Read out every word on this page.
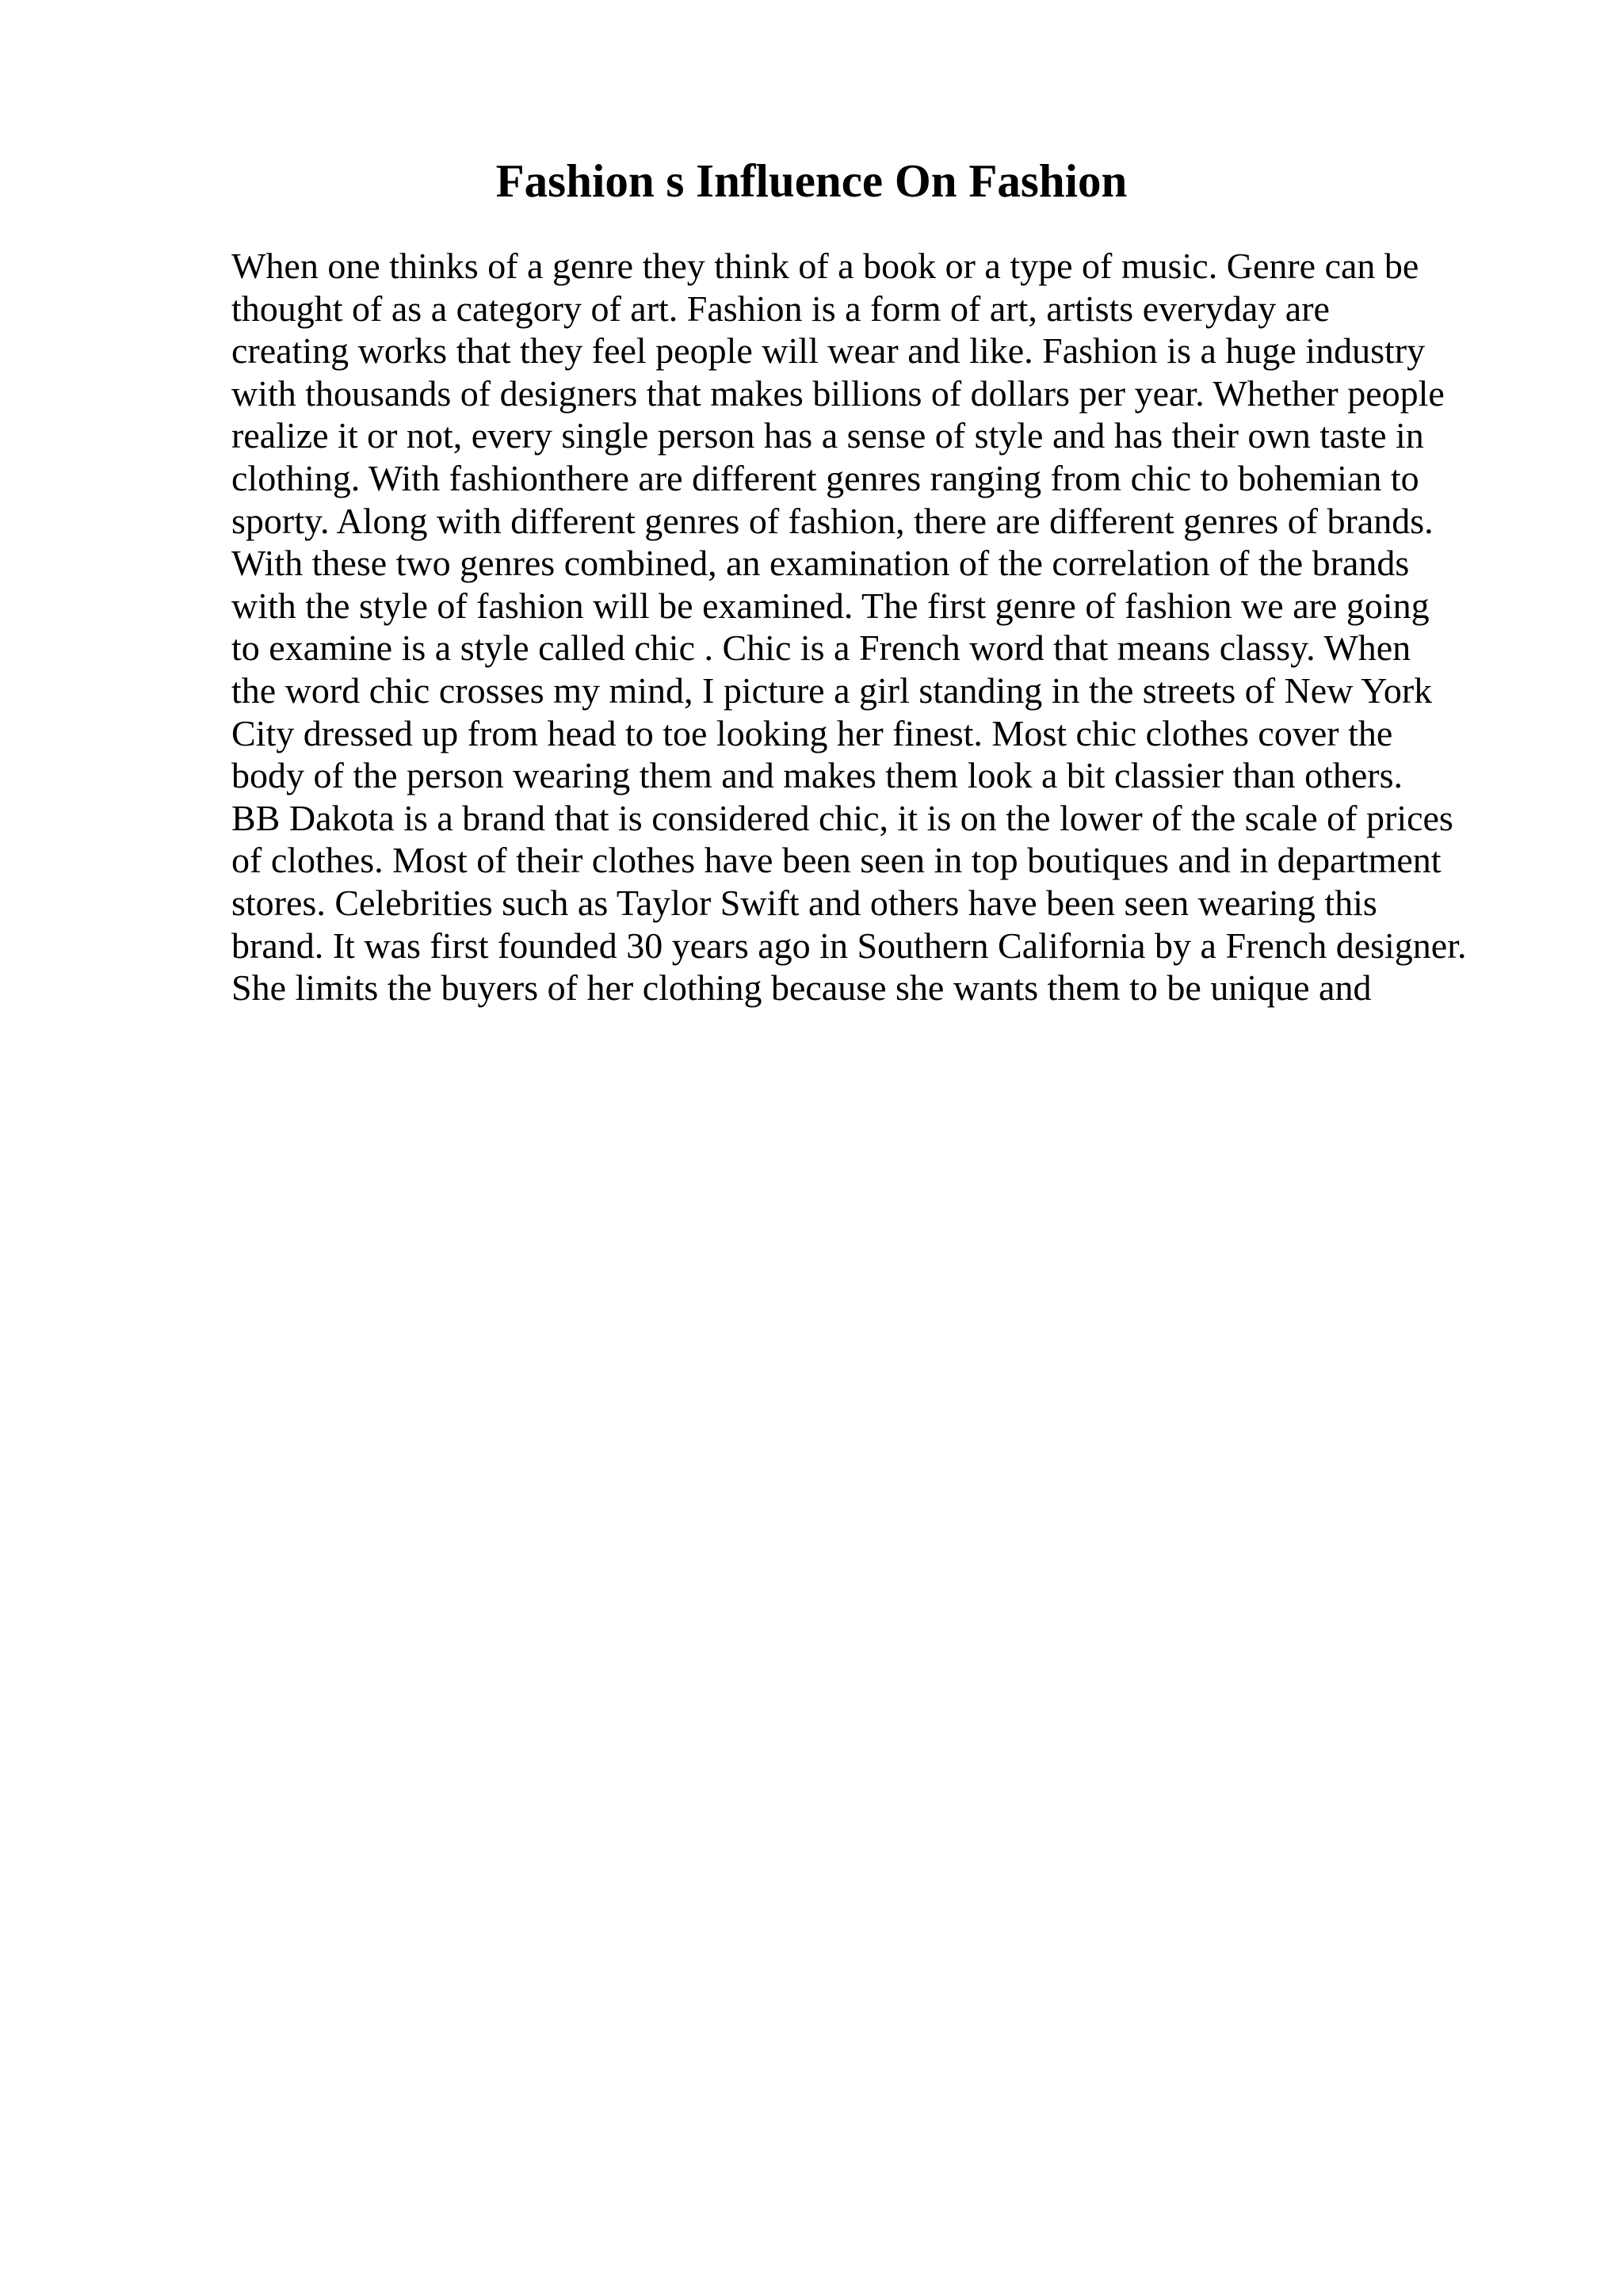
Fashion s Influence On Fashion
When one thinks of a genre they think of a book or a type of music. Genre can be
thought of as a category of art. Fashion is a form of art, artists everyday are
creating works that they feel people will wear and like. Fashion is a huge industry
with thousands of designers that makes billions of dollars per year. Whether people
realize it or not, every single person has a sense of style and has their own taste in
clothing. With fashionthere are different genres ranging from chic to bohemian to
sporty. Along with different genres of fashion, there are different genres of brands.
With these two genres combined, an examination of the correlation of the brands
with the style of fashion will be examined. The first genre of fashion we are going
to examine is a style called chic . Chic is a French word that means classy. When
the word chic crosses my mind, I picture a girl standing in the streets of New York
City dressed up from head to toe looking her finest. Most chic clothes cover the
body of the person wearing them and makes them look a bit classier than others.
BB Dakota is a brand that is considered chic, it is on the lower of the scale of prices
of clothes. Most of their clothes have been seen in top boutiques and in department
stores. Celebrities such as Taylor Swift and others have been seen wearing this
brand. It was first founded 30 years ago in Southern California by a French designer.
She limits the buyers of her clothing because she wants them to be unique and
